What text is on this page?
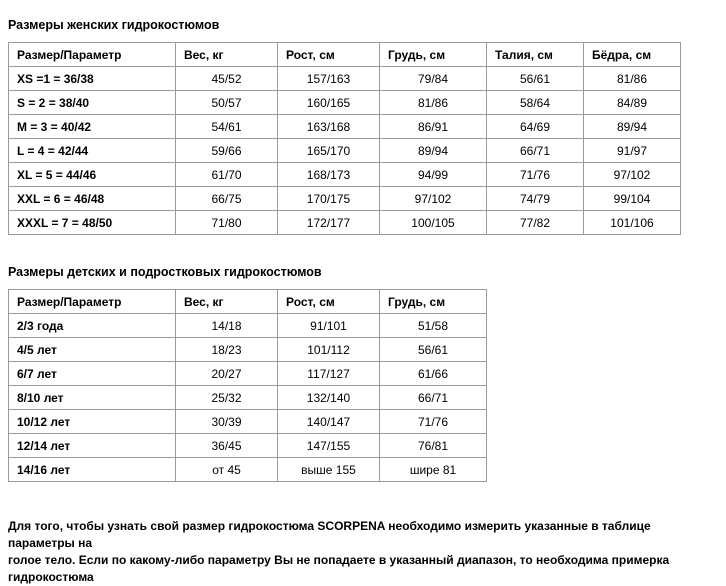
Размеры женских гидрокостюмов
Размер/Параметр	Вес, кг	Рост, см	Грудь, см	Талия, см	Бёдра, см
XS =1 = 36/38	45/52	157/163	79/84	56/61	81/86
S = 2 = 38/40	50/57	160/165	81/86	58/64	84/89
M = 3 = 40/42	54/61	163/168	86/91	64/69	89/94
L = 4 = 42/44	59/66	165/170	89/94	66/71	91/97
XL = 5 = 44/46	61/70	168/173	94/99	71/76	97/102
XXL = 6 = 46/48	66/75	170/175	97/102	74/79	99/104
XXXL = 7 = 48/50	71/80	172/177	100/105	77/82	101/106
Размеры детских и подростковых гидрокостюмов
Размер/Параметр	Вес, кг	Рост, см	Грудь, см
2/3 года	14/18	91/101	51/58
4/5 лет	18/23	101/112	56/61
6/7 лет	20/27	117/127	61/66
8/10 лет	25/32	132/140	66/71
10/12 лет	30/39	140/147	71/76
12/14 лет	36/45	147/155	76/81
14/16 лет	от 45	выше 155	шире 81
Для того, чтобы узнать свой размер гидрокостюма SCORPENA необходимо измерить указанные в таблице параметры на
голое тело. Если по какому-либо параметру Вы не попадаете в указанный диапазон, то необходима примерка гидрокостюма
